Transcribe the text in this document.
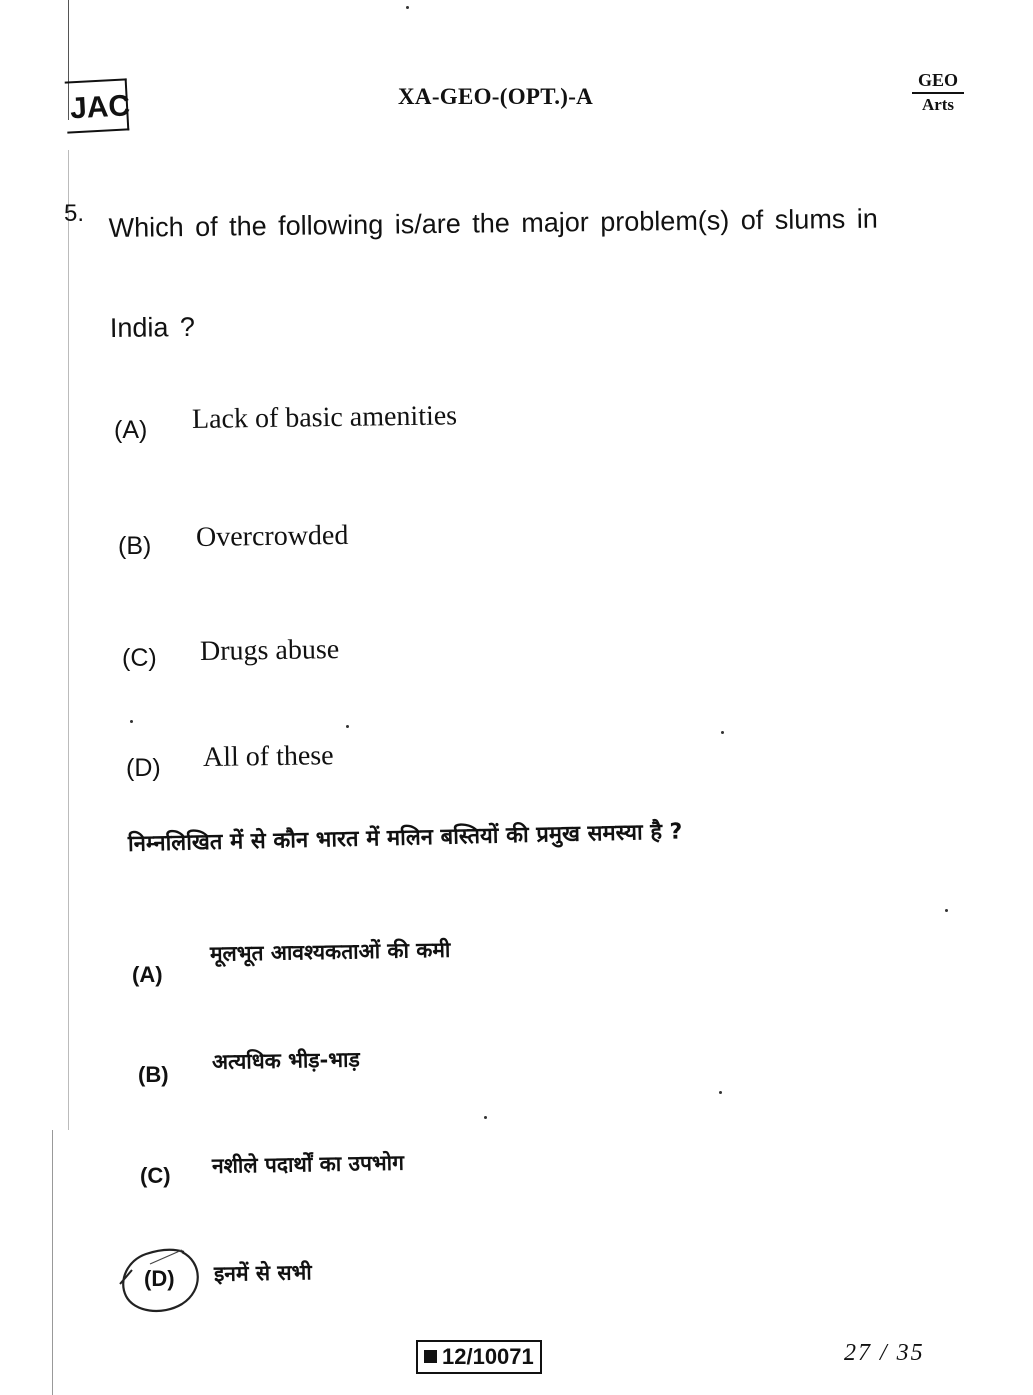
JAC	XA-GEO-(OPT.)-A
GEO
Arts
5. Which of the following is/are the major problem(s) of slums in
India ?
(A) Lack of basic amenities
(B) Overcrowded
(C) Drugs abuse
(D) All of these
निम्नलिखित में से कौन भारत में मलिन बस्तियों की प्रमुख समस्या है ?
(A)
मूलभूत आवश्यकताओं की कमी
(B)
अत्यधिक भीड़-भाड़
(C) नशीले पदार्थों का उपभोग
(D) इनमें से सभी
12/10071	27 / 35
